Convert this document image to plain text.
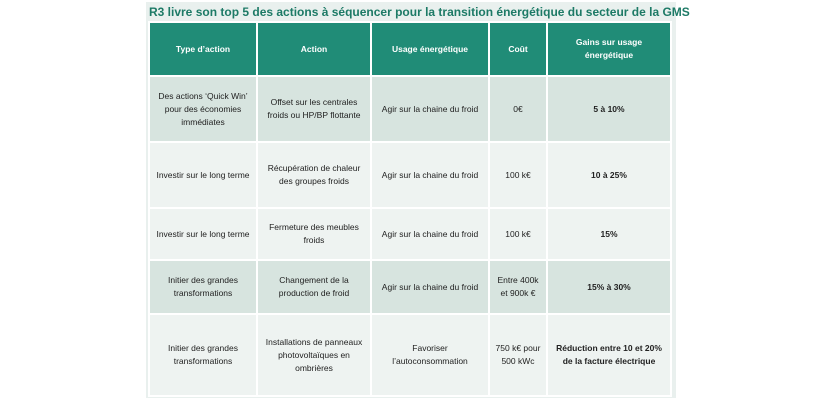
R3 livre son top 5 des actions à séquencer pour la transition énergétique du secteur de la GMS
Type d’action	Action	Usage énergétique	Coût	Gains sur usage énergétique
Des actions ‘Quick Win’ pour des économies immédiates	Offset sur les centrales froids ou HP/BP flottante	Agir sur la chaine du froid	0€	5 à 10%
Investir sur le long terme	Récupération de chaleur des groupes froids	Agir sur la chaine du froid	100 k€	10 à 25%
Investir sur le long terme	Fermeture des meubles froids	Agir sur la chaine du froid	100 k€	15%
Initier des grandes transformations	Changement de la production de froid	Agir sur la chaine du froid	Entre 400k et 900k €	15% à 30%
Initier des grandes transformations	Installations de panneaux photovoltaïques en ombrières	Favoriser l’autoconsommation	750 k€ pour 500 kWc	Réduction entre 10 et 20% de la facture électrique
